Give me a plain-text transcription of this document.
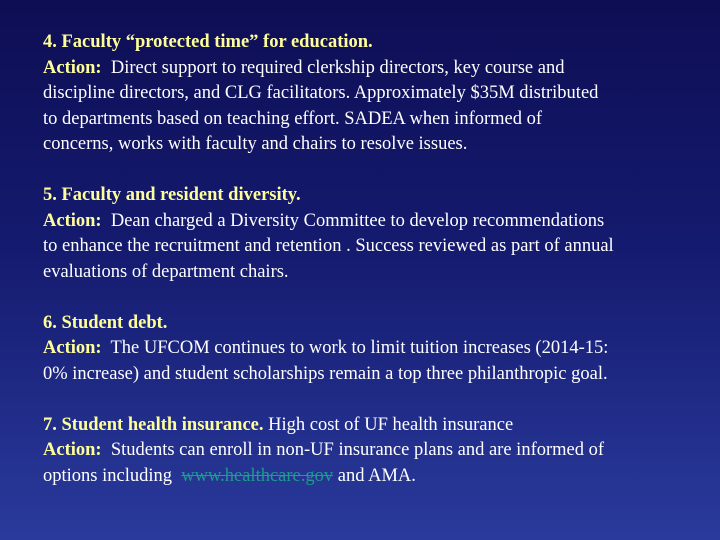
4. Faculty “protected time” for education.
Action:  Direct support to required clerkship directors, key course and
discipline directors, and CLG facilitators. Approximately $35M distributed
to departments based on teaching effort. SADEA when informed of
concerns, works with faculty and chairs to resolve issues.
5. Faculty and resident diversity.
Action:  Dean charged a Diversity Committee to develop recommendations
to enhance the recruitment and retention . Success reviewed as part of annual
evaluations of department chairs.
6. Student debt.
Action:  The UFCOM continues to work to limit tuition increases (2014-15:
0% increase) and student scholarships remain a top three philanthropic goal.
7. Student health insurance. High cost of UF health insurance
Action:  Students can enroll in non-UF insurance plans and are informed of
options including  www.healthcare.gov and AMA.
